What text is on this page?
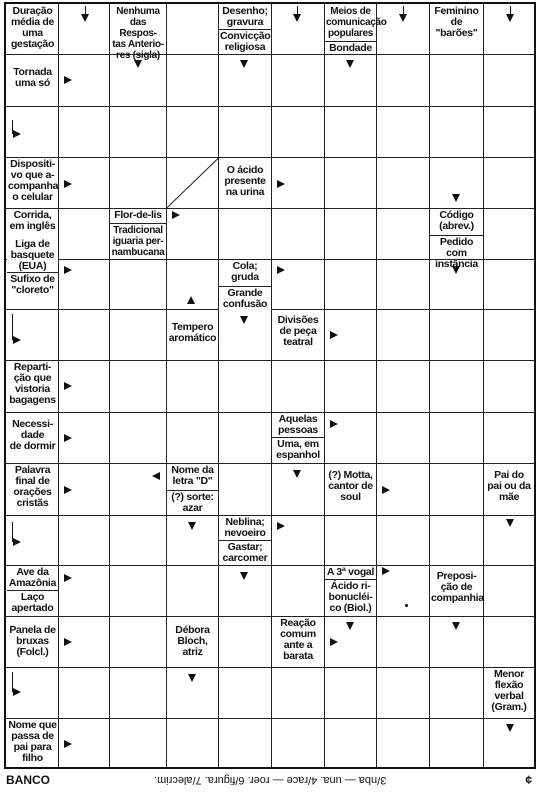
Duração
média de
uma
gestação
Nenhuma
das Respos-
tas Anterio-
res (sigla)
Desenho;
gravura
Convicção
religiosa
Meios de
comunicação
populares
Bondade
Feminino
de
"barões"
Tornada
uma só
Dispositi-
vo que a-
companha
o celular
O ácido
presente
na urina
Corrida,
em inglês
Flor-de-lis
Tradicional
iguaria per-
nambucana
Código
(abrev.)
Pedido com
instância
Liga de
basquete
(EUA)
Sufixo de
"cloreto"
Cola;
gruda
Grande
confusão
Tempero
aromático
Divisões
de peça
teatral
Reparti-
ção que
vistoria
bagagens
Necessi-
dade
de dormir
Aquelas
pessoas
Uma, em
espanhol
Palavra
final de
orações
cristãs
Nome da
letra "D"
(?) sorte:
azar
(?) Motta,
cantor de
soul
Pai do
pai ou da
mãe
Neblina;
nevoeiro
Gastar;
carcomer
Ave da
Amazônia
Laço
apertado
A 3ª vogal
Ácido ri-
bonucléi-
co (Biol.)
Preposi-
ção de
companhia
Panela de
bruxas
(Folcl.)
Débora
Bloch,
atriz
Reação
comum
ante a
barata
Menor
flexão
verbal
(Gram.)
Nome que
passa de
pai para
filho
BANCO	3/nba — una. 4/race — roer. 6/figura. 7/alecrim.	¢
